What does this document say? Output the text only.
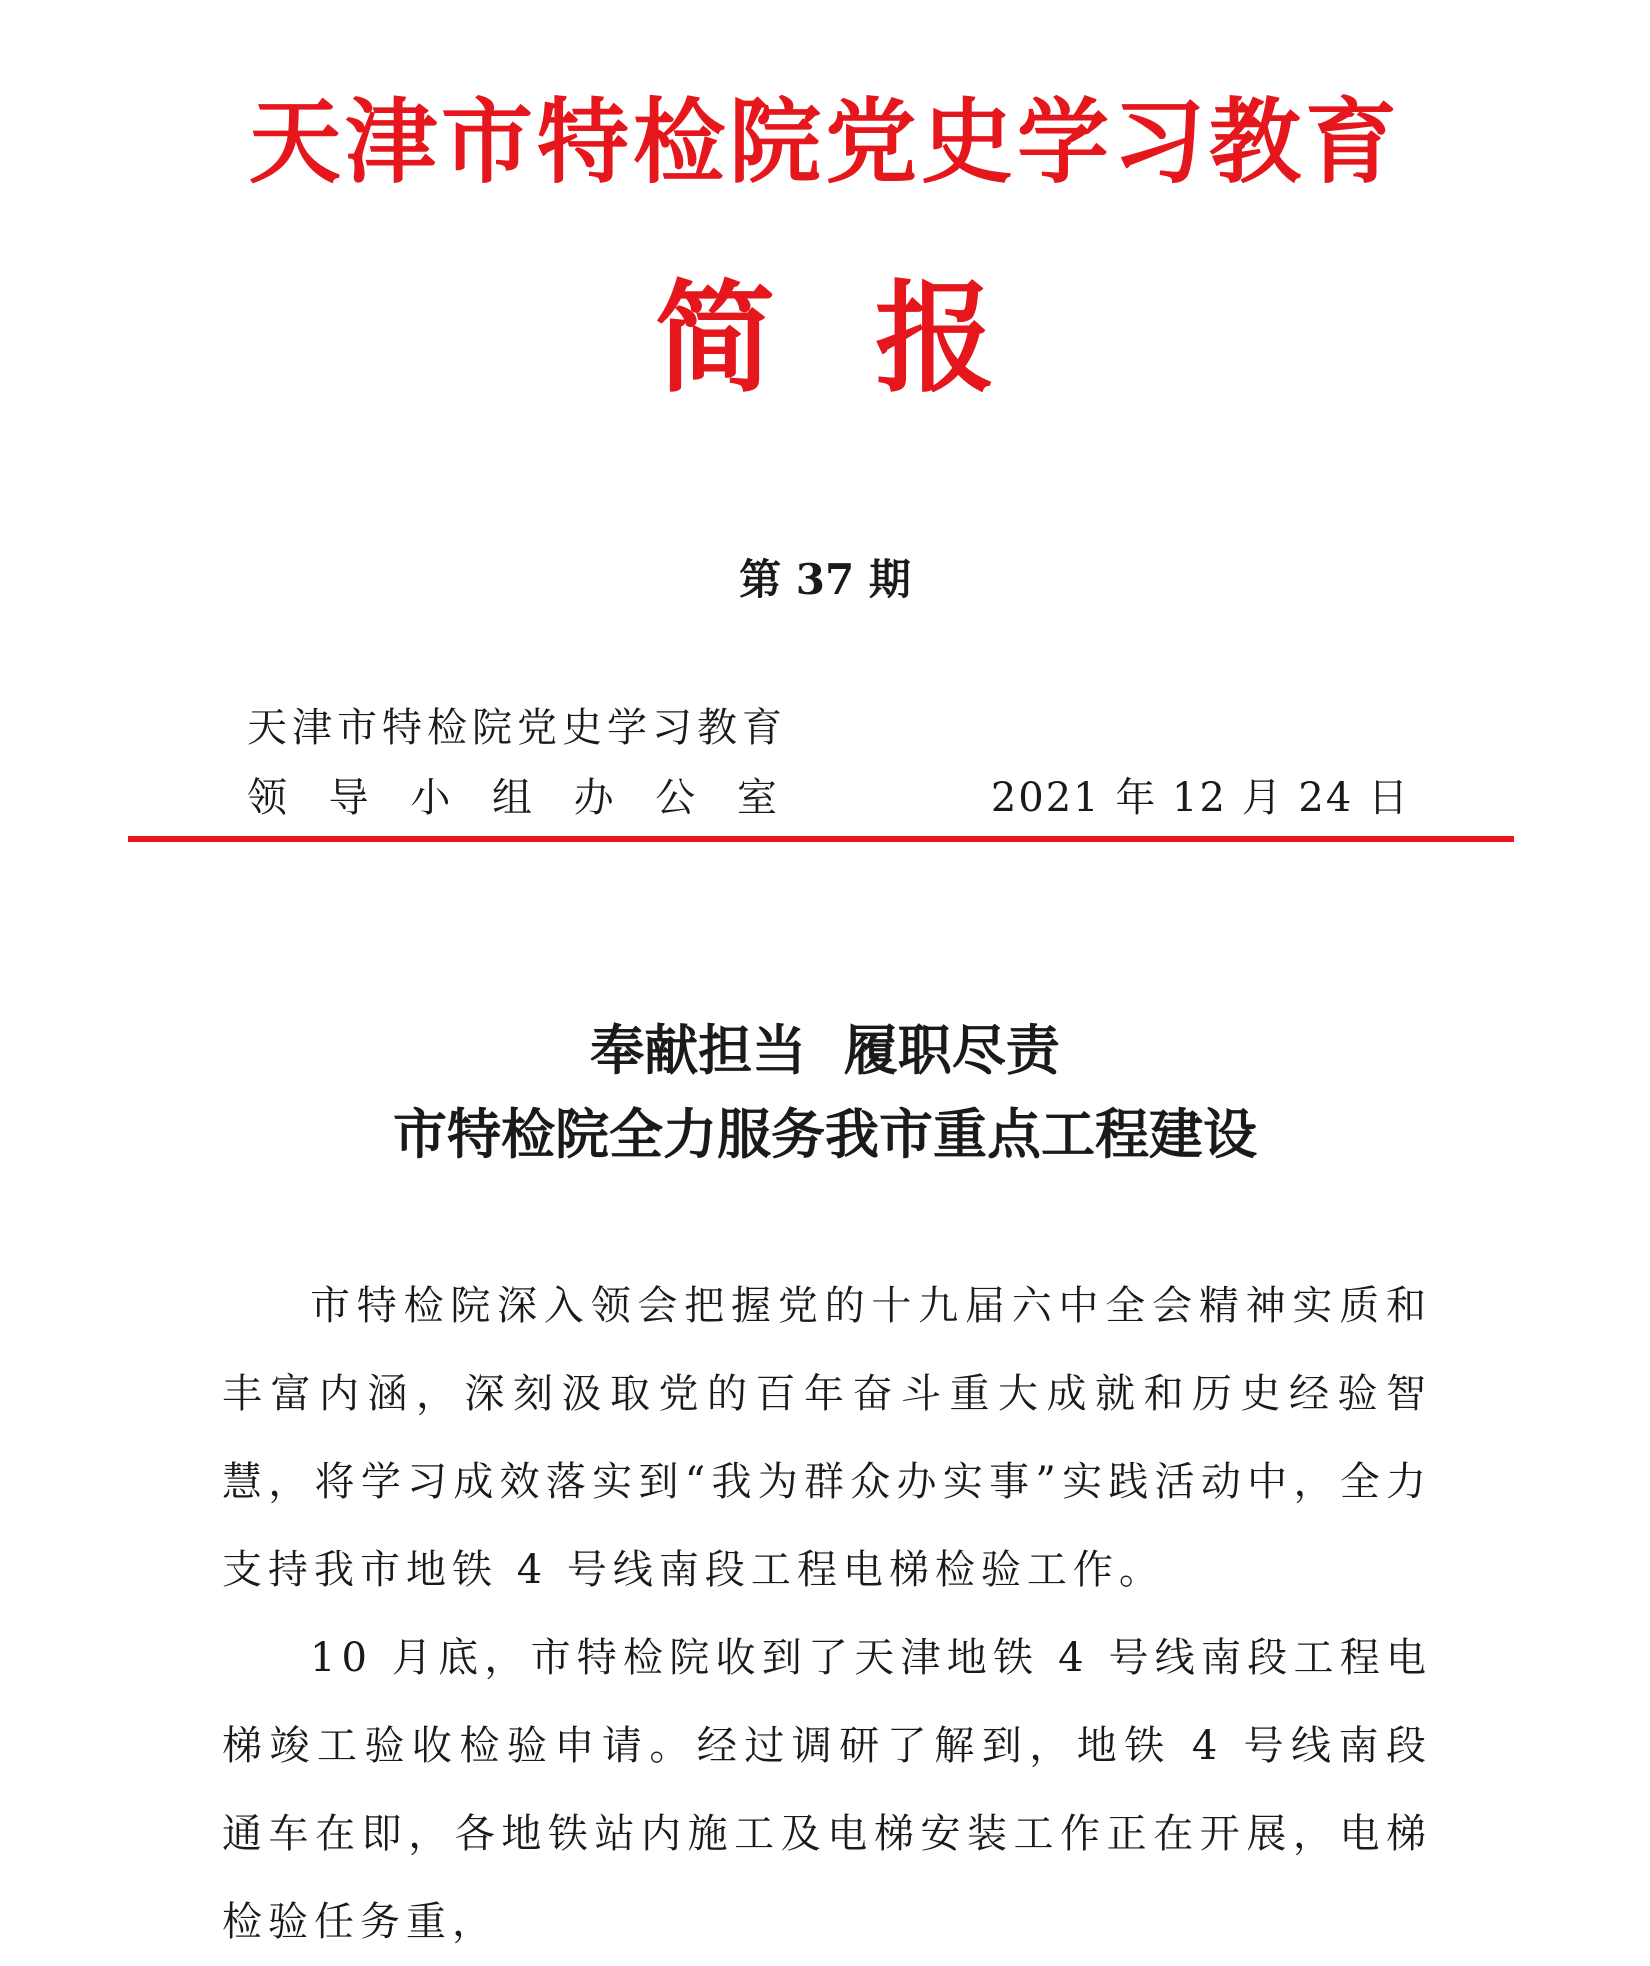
天津市特检院党史学习教育
简报
第 37 期
天津市特检院党史学习教育
领 导 小 组 办 公 室	2021 年 12 月 24 日
奉献担当  履职尽责
市特检院全力服务我市重点工程建设

市特检院深入领会把握党的十九届六中全会精神实质和丰富内涵，深刻汲取党的百年奋斗重大成就和历史经验智慧，将学习成效落实到“我为群众办实事”实践活动中，全力支持我市地铁 4 号线南段工程电梯检验工作。

10 月底，市特检院收到了天津地铁 4 号线南段工程电梯竣工验收检验申请。经过调研了解到，地铁 4 号线南段通车在即，各地铁站内施工及电梯安装工作正在开展，电梯检验任务重，
